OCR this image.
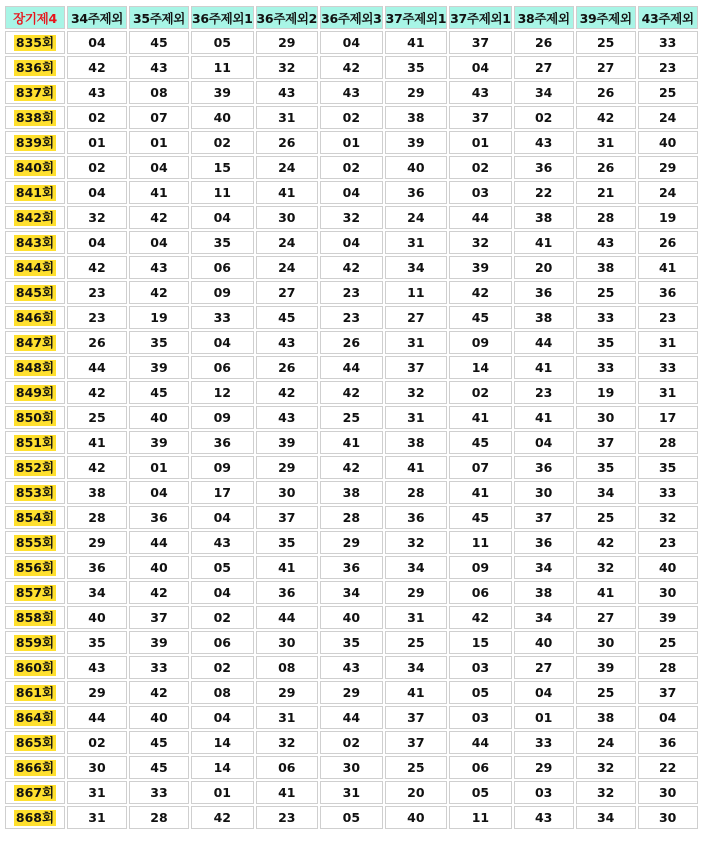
장기제4	34주제외	35주제외	36주제외1	36주제외2	36주제외3	37주제외1	37주제외1	38주제외	39주제외	43주제외
835회	04	45	05	29	04	41	37	26	25	33
836회	42	43	11	32	42	35	04	27	27	23
837회	43	08	39	43	43	29	43	34	26	25
838회	02	07	40	31	02	38	37	02	42	24
839회	01	01	02	26	01	39	01	43	31	40
840회	02	04	15	24	02	40	02	36	26	29
841회	04	41	11	41	04	36	03	22	21	24
842회	32	42	04	30	32	24	44	38	28	19
843회	04	04	35	24	04	31	32	41	43	26
844회	42	43	06	24	42	34	39	20	38	41
845회	23	42	09	27	23	11	42	36	25	36
846회	23	19	33	45	23	27	45	38	33	23
847회	26	35	04	43	26	31	09	44	35	31
848회	44	39	06	26	44	37	14	41	33	33
849회	42	45	12	42	42	32	02	23	19	31
850회	25	40	09	43	25	31	41	41	30	17
851회	41	39	36	39	41	38	45	04	37	28
852회	42	01	09	29	42	41	07	36	35	35
853회	38	04	17	30	38	28	41	30	34	33
854회	28	36	04	37	28	36	45	37	25	32
855회	29	44	43	35	29	32	11	36	42	23
856회	36	40	05	41	36	34	09	34	32	40
857회	34	42	04	36	34	29	06	38	41	30
858회	40	37	02	44	40	31	42	34	27	39
859회	35	39	06	30	35	25	15	40	30	25
860회	43	33	02	08	43	34	03	27	39	28
861회	29	42	08	29	29	41	05	04	25	37
864회	44	40	04	31	44	37	03	01	38	04
865회	02	45	14	32	02	37	44	33	24	36
866회	30	45	14	06	30	25	06	29	32	22
867회	31	33	01	41	31	20	05	03	32	30
868회	31	28	42	23	05	40	11	43	34	30
